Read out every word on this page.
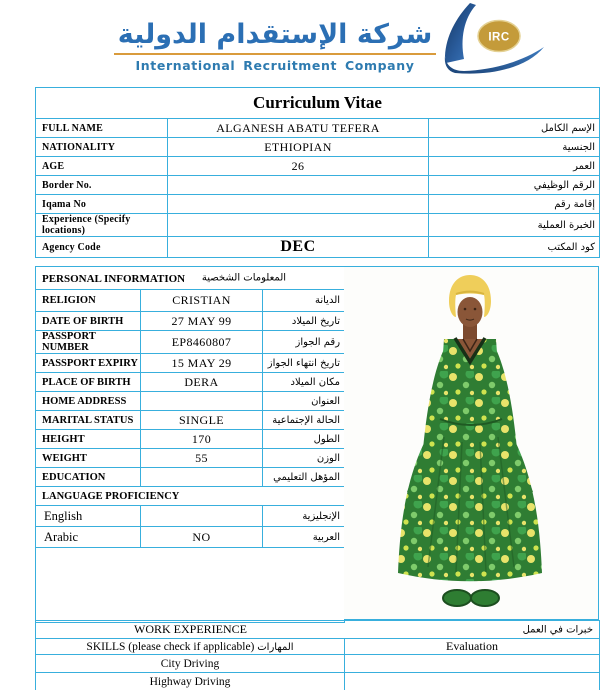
شركة الإستقدام الدولية
International Recruitment Company
IRC
Curriculum Vitae		
FULL NAME	ALGANESH ABATU TEFERA	الإسم الكامل
NATIONALITY	ETHIOPIAN	الجنسية
AGE	26	العمر
Border No.		الرقم الوظيفي
Iqama No		إقامة رقم
Experience (Specify locations)		الخبرة العملية
Agency Code	DEC	كود المكتب
PERSONAL INFORMATION المعلومات الشخصية		

RELIGION	CRISTIAN	الديانة
DATE OF BIRTH	27 MAY 99	تاريخ الميلاد
PASSPORT NUMBER	EP8460807	رقم الجواز
PASSPORT EXPIRY	15 MAY 29	تاريخ انتهاء الجواز
PLACE OF BIRTH	DERA	مكان الميلاد
HOME ADDRESS		العنوان
MARITAL STATUS	SINGLE	الحالة الإجتماعية
HEIGHT	170	الطول
WEIGHT	55	الوزن
EDUCATION		المؤهل التعليمي
LANGUAGE PROFICIENCY		
English		الإنجليزية
Arabic	NO	العربية

WORK EXPERIENCE خبرات في العمل	

SKILLS (please check if applicable) المهارات	Evaluation
City Driving	
Highway Driving	
